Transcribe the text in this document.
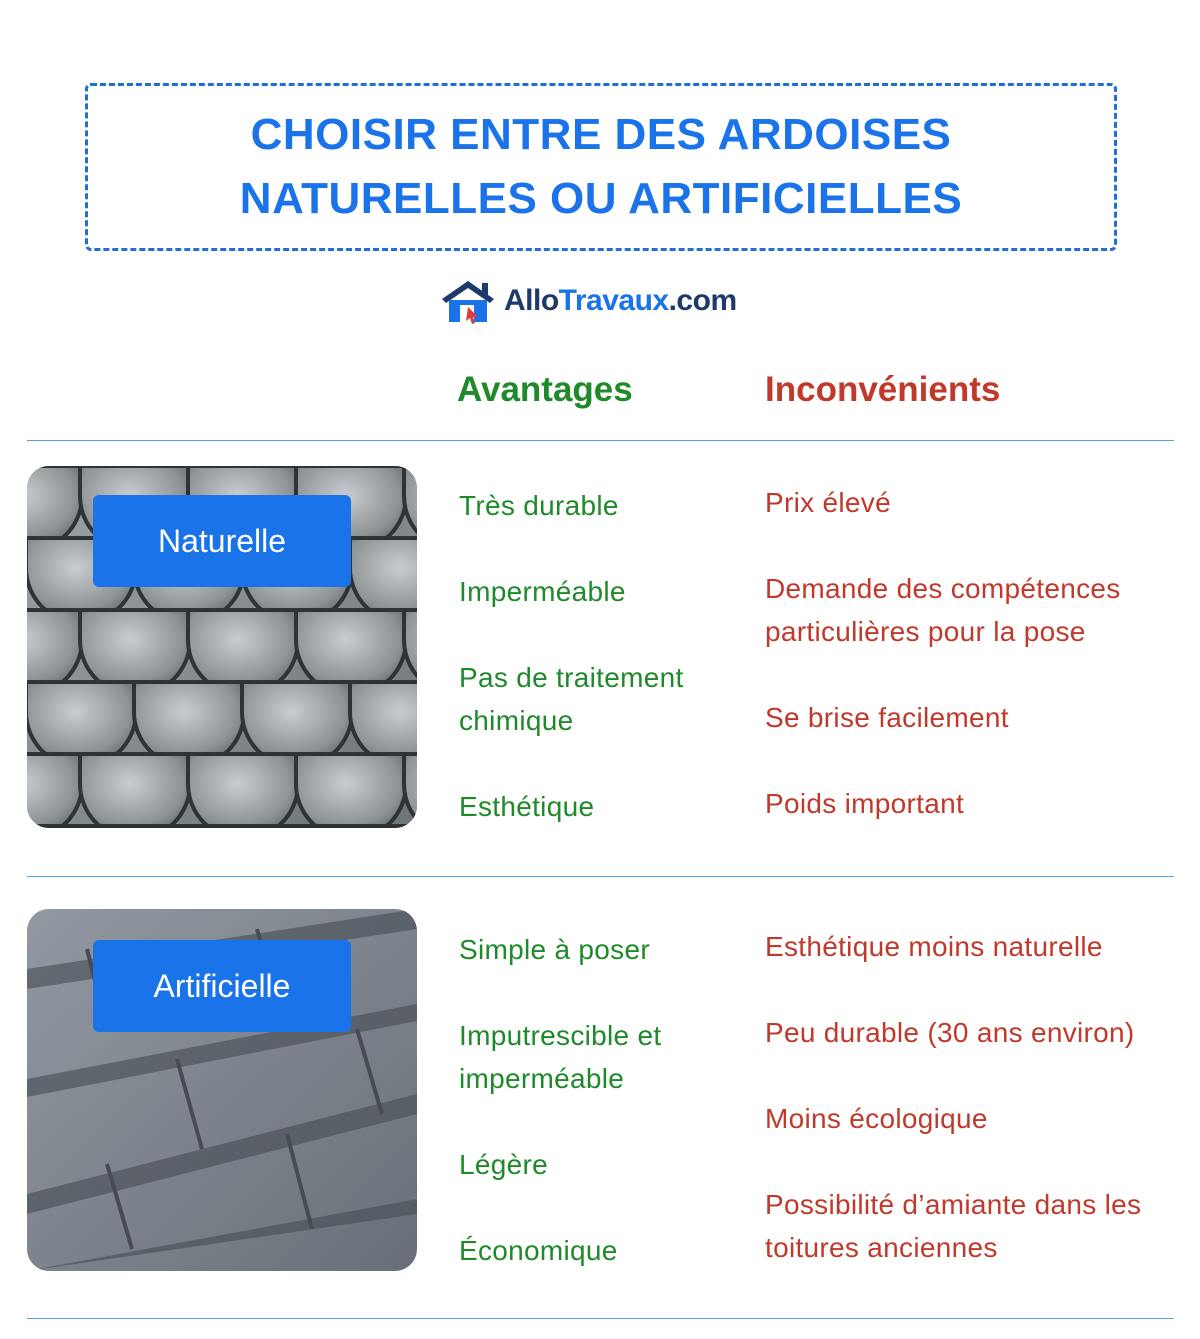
CHOISIR ENTRE DES ARDOISES
NATURELLES OU ARTIFICIELLES
AlloTravaux.com
Avantages	Inconvénients
Naturelle
Très durable
Imperméable
Pas de traitement chimique
Esthétique
Prix élevé
Demande des compétences particulières pour la pose
Se brise facilement
Poids important
Artificielle
Simple à poser
Imputrescible et imperméable
Légère
Économique
Esthétique moins naturelle
Peu durable (30 ans environ)
Moins écologique
Possibilité d’amiante dans les toitures anciennes
